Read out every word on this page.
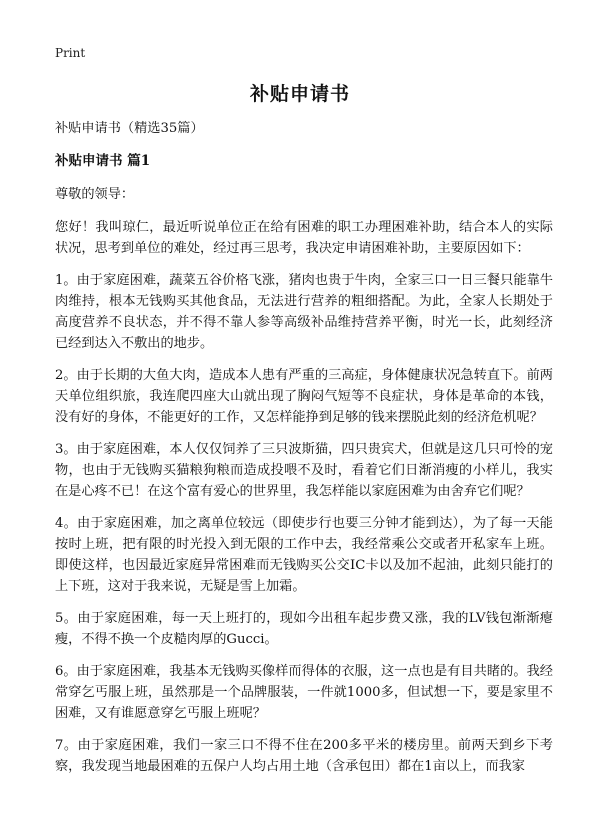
Print
补贴申请书

补贴申请书（精选35篇）

补贴申请书 篇1

尊敬的领导：

您好！我叫琼仁，最近听说单位正在给有困难的职工办理困难补助，结合本人的实际状况，思考到单位的难处，经过再三思考，我决定申请困难补助，主要原因如下：

1。由于家庭困难，蔬菜五谷价格飞涨，猪肉也贵于牛肉，全家三口一日三餐只能靠牛肉维持，根本无钱购买其他食品，无法进行营养的粗细搭配。为此，全家人长期处于高度营养不良状态，并不得不靠人参等高级补品维持营养平衡，时光一长，此刻经济已经到达入不敷出的地步。

2。由于长期的大鱼大肉，造成本人患有严重的三高症，身体健康状况急转直下。前两天单位组织旅，我连爬四座大山就出现了胸闷气短等不良症状，身体是革命的本钱，没有好的身体，不能更好的工作，又怎样能挣到足够的钱来摆脱此刻的经济危机呢？

3。由于家庭困难，本人仅仅饲养了三只波斯猫，四只贵宾犬，但就是这几只可怜的宠物，也由于无钱购买猫粮狗粮而造成投喂不及时，看着它们日渐消瘦的小样儿，我实在是心疼不已！在这个富有爱心的世界里，我怎样能以家庭困难为由舍弃它们呢？

4。由于家庭困难，加之离单位较远（即使步行也要三分钟才能到达），为了每一天能按时上班，把有限的时光投入到无限的工作中去，我经常乘公交或者开私家车上班。即使这样，也因最近家庭异常困难而无钱购买公交IC卡以及加不起油，此刻只能打的上下班，这对于我来说，无疑是雪上加霜。

5。由于家庭困难，每一天上班打的，现如今出租车起步费又涨，我的LV钱包渐渐瘪瘦，不得不换一个皮糙肉厚的Gucci。

6。由于家庭困难，我基本无钱购买像样而得体的衣服，这一点也是有目共睹的。我经常穿乞丐服上班，虽然那是一个品牌服装，一件就1000多，但试想一下，要是家里不困难，又有谁愿意穿乞丐服上班呢？

7。由于家庭困难，我们一家三口不得不住在200多平米的楼房里。前两天到乡下考察，我发现当地最困难的五保户人均占用土地（含承包田）都在1亩以上，而我家
